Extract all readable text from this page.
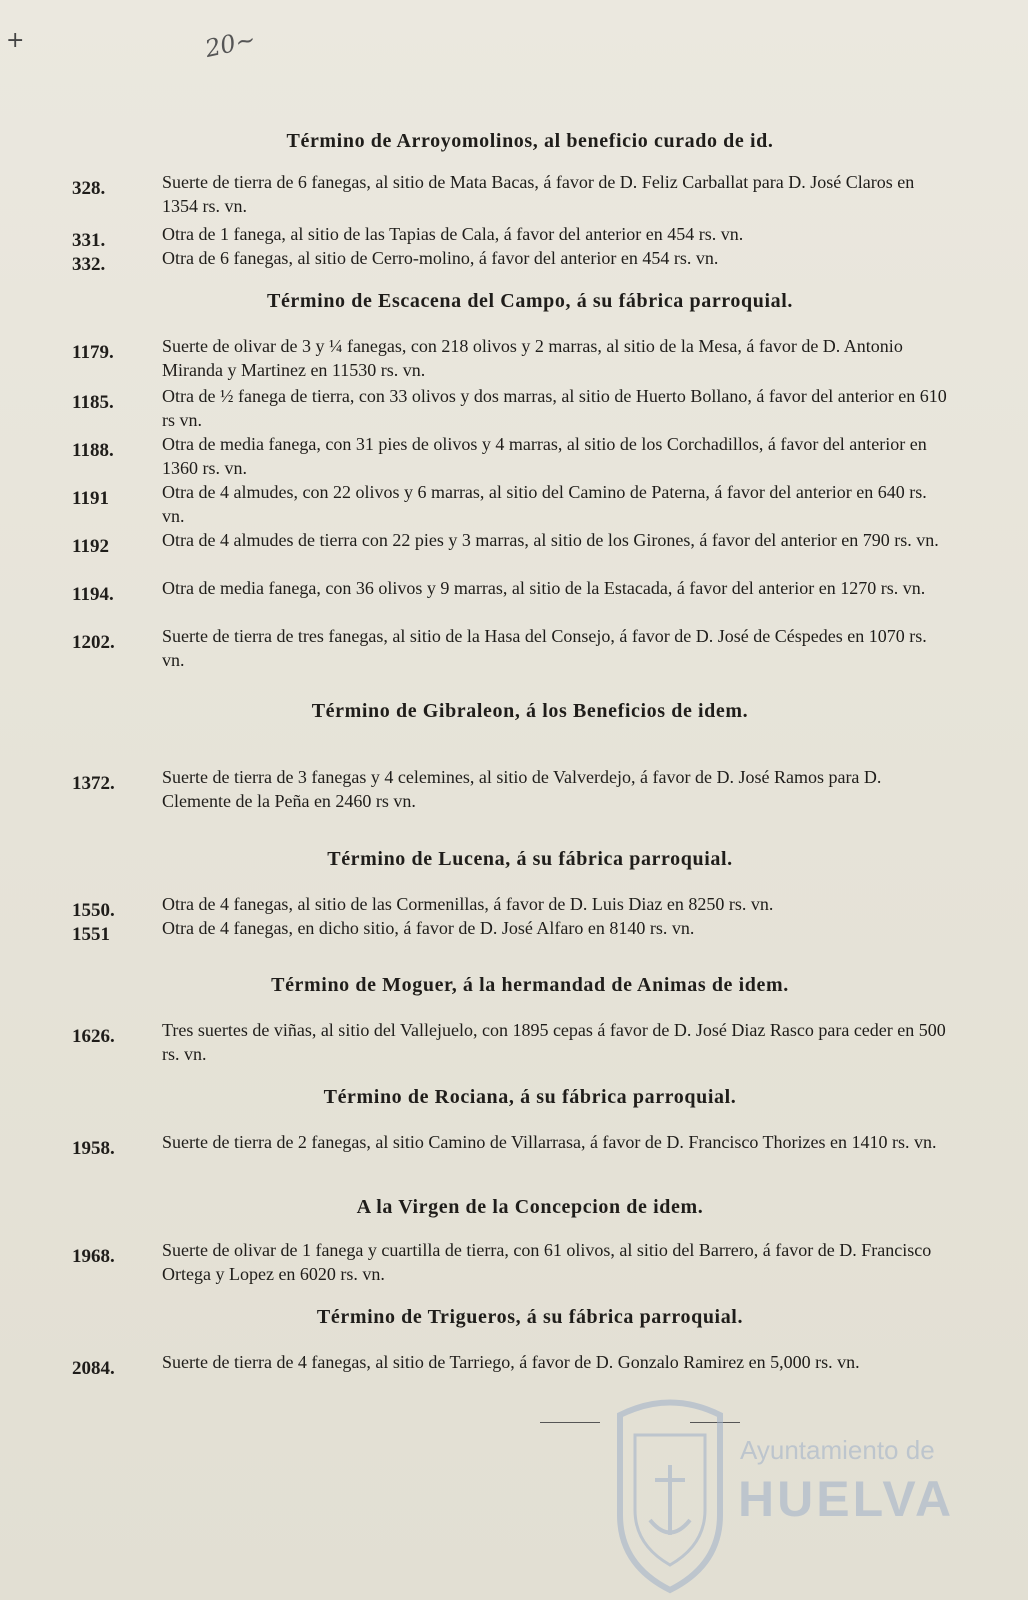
+	20~
Término de Arroyomolinos, al beneficio curado de id.
328.	Suerte de tierra de 6 fanegas, al sitio de Mata Bacas, á favor de D. Feliz Carballat para D. José Claros en 1354 rs. vn.
331.	Otra de 1 fanega, al sitio de las Tapias de Cala, á favor del anterior en 454 rs. vn.
332.	Otra de 6 fanegas, al sitio de Cerro-molino, á favor del anterior en 454 rs. vn.
Término de Escacena del Campo, á su fábrica parroquial.
1179.	Suerte de olivar de 3 y ¼ fanegas, con 218 olivos y 2 marras, al sitio de la Mesa, á favor de D. Antonio Miranda y Martinez en 11530 rs. vn.
1185.	Otra de ½ fanega de tierra, con 33 olivos y dos marras, al sitio de Huerto Bollano, á favor del anterior en 610 rs vn.
1188.	Otra de media fanega, con 31 pies de olivos y 4 marras, al sitio de los Corchadillos, á favor del anterior en 1360 rs. vn.
1191	Otra de 4 almudes, con 22 olivos y 6 marras, al sitio del Camino de Paterna, á favor del anterior en 640 rs. vn.
1192	Otra de 4 almudes de tierra con 22 pies y 3 marras, al sitio de los Girones, á favor del anterior en 790 rs. vn.
1194.	Otra de media fanega, con 36 olivos y 9 marras, al sitio de la Estacada, á favor del anterior en 1270 rs. vn.
1202.	Suerte de tierra de tres fanegas, al sitio de la Hasa del Consejo, á favor de D. José de Céspedes en 1070 rs. vn.
Término de Gibraleon, á los Beneficios de idem.
1372.	Suerte de tierra de 3 fanegas y 4 celemines, al sitio de Valverdejo, á favor de D. José Ramos para D. Clemente de la Peña en 2460 rs vn.
Término de Lucena, á su fábrica parroquial.
1550.	Otra de 4 fanegas, al sitio de las Cormenillas, á favor de D. Luis Diaz en 8250 rs. vn.
1551	Otra de 4 fanegas, en dicho sitio, á favor de D. José Alfaro en 8140 rs. vn.
Término de Moguer, á la hermandad de Animas de idem.
1626.	Tres suertes de viñas, al sitio del Vallejuelo, con 1895 cepas á favor de D. José Diaz Rasco para ceder en 500 rs. vn.
Término de Rociana, á su fábrica parroquial.
1958.	Suerte de tierra de 2 fanegas, al sitio Camino de Villarrasa, á favor de D. Francisco Thorizes en 1410 rs. vn.
A la Virgen de la Concepcion de idem.
1968.	Suerte de olivar de 1 fanega y cuartilla de tierra, con 61 olivos, al sitio del Barrero, á favor de D. Francisco Ortega y Lopez en 6020 rs. vn.
Término de Trigueros, á su fábrica parroquial.
2084.	Suerte de tierra de 4 fanegas, al sitio de Tarriego, á favor de D. Gonzalo Ramirez en 5,000 rs. vn.
Ayuntamiento de
HUELVA
